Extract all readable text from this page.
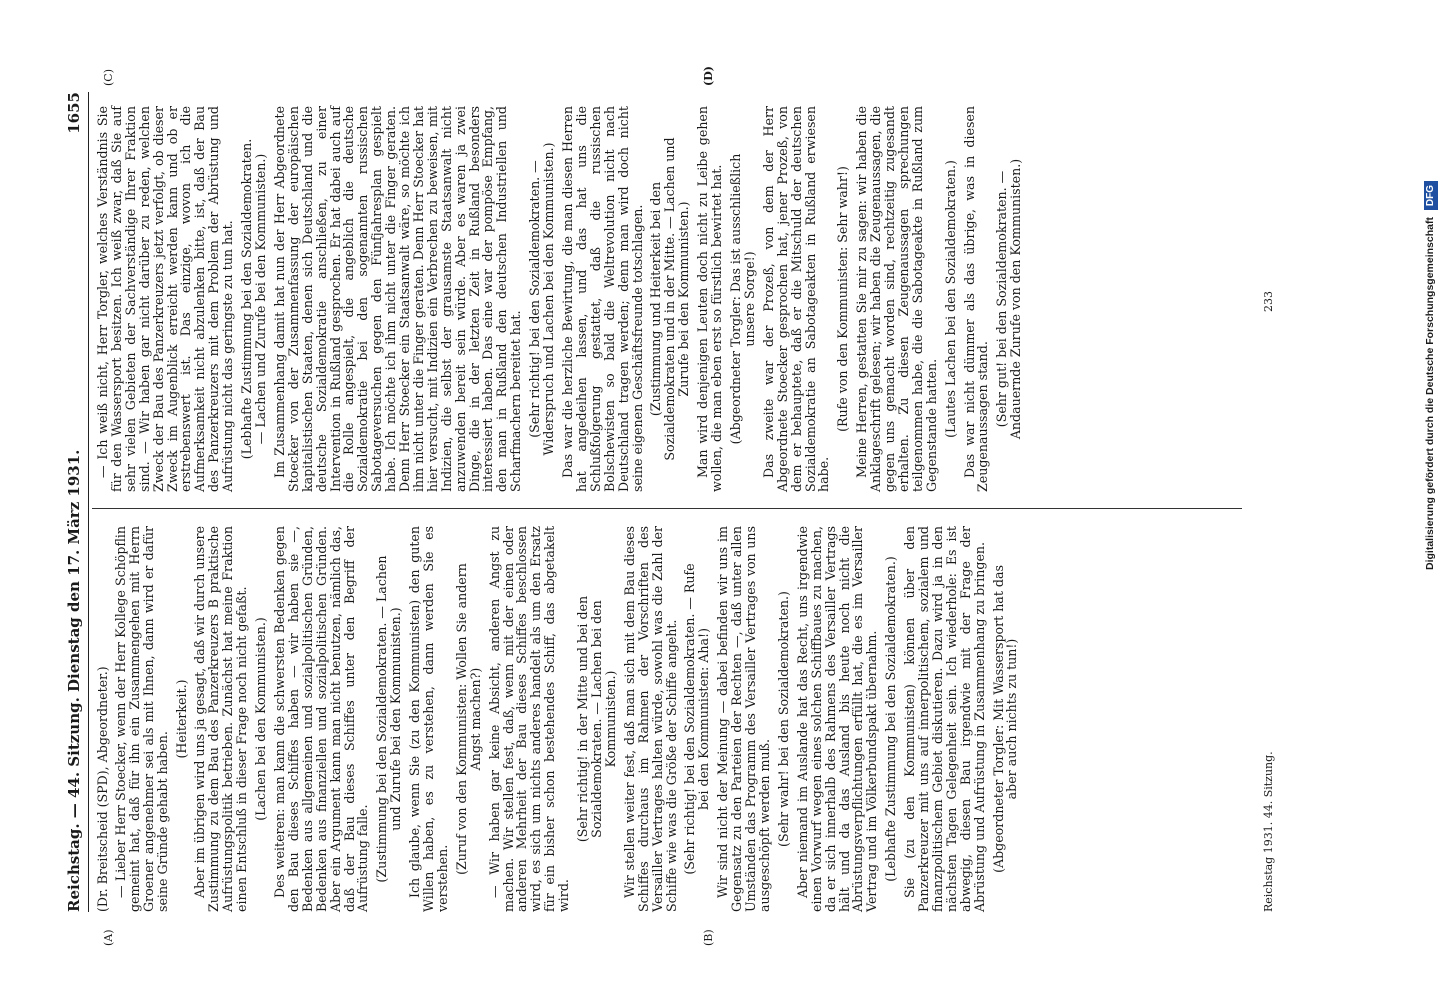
Reichstag. — 44. Sitzung. Dienstag den 17. März 1931.
1655
(A)	(B)
(C)	(D)

(Dr. Breitscheid (SPD), Abgeordneter.) — Lieber Herr Stoecker, wenn der Herr Kollege Schöpflin gemeint hat, daß für ihn ein Zusammengehen mit Herrn Groener angenehmer sei als mit Ihnen, dann wird er dafür seine Gründe gehabt haben.

(Heiterkeit.) Aber im übrigen wird uns ja gesagt, daß wir durch unsere Zustimmung zu dem Bau des Panzerkreuzers B praktische Aufrüstungspolitik betrieben. Zunächst hat meine Fraktion einen Entschluß in dieser Frage noch nicht gefaßt. (Lachen bei den Kommunisten.) Des weiteren: man kann die schwersten Bedenken gegen den Bau dieses Schiffes haben — wir haben sie —, Bedenken aus allgemeinen und sozialpolitischen Gründen, Bedenken aus finanziellen und sozialpolitischen Gründen. Aber ein Argument kann man nicht benutzen, nämlich das, daß der Bau dieses Schiffes unter den Begriff der Aufrüstung falle. (Zustimmung bei den Sozialdemokraten. — Lachen und Zurufe bei den Kommunisten.) Ich glaube, wenn Sie (zu den Kommunisten) den guten Willen haben, es zu verstehen, dann werden Sie es verstehen.

(Zuruf von den Kommunisten: Wollen Sie andern Angst machen?) — Wir haben gar keine Absicht, anderen Angst zu machen. Wir stellen fest, daß, wenn mit der einen oder anderen Mehrheit der Bau dieses Schiffes beschlossen wird, es sich um nichts anderes handelt als um den Ersatz für ein bisher schon bestehendes Schiff, das abgetakelt wird.

(Sehr richtig! in der Mitte und bei den Sozialdemokraten. — Lachen bei den Kommunisten.) Wir stellen weiter fest, daß man sich mit dem Bau dieses Schiffes durchaus im Rahmen der Vorschriften des Versailler Vertrages halten würde, sowohl was die Zahl der Schiffe wie was die Größe der Schiffe angeht. (Sehr richtig! bei den Sozialdemokraten. — Rufe bei den Kommunisten: Aha!) Wir sind nicht der Meinung — dabei befinden wir uns im Gegensatz zu den Parteien der Rechten —, daß unter allen Umständen das Programm des Versailler Vertrages von uns ausgeschöpft werden muß. (Sehr wahr! bei den Sozialdemokraten.) Aber niemand im Auslande hat das Recht, uns irgendwie einen Vorwurf wegen eines solchen Schiffbaues zu machen, da er sich innerhalb des Rahmens des Versailler Vertrags hält und da das Ausland bis heute noch nicht die Abrüstungsverpflichtungen erfüllt hat, die es im Versailler Vertrag und im Völkerbundspakt übernahm. (Lebhafte Zustimmung bei den Sozialdemokraten.) Sie (zu den Kommunisten) können über den Panzerkreuzer mit uns auf innerpolitischem, sozialem und finanzpolitischem Gebiet diskutieren. Dazu wird ja in den nächsten Tagen Gelegenheit sein. Ich wiederhole: Es ist abwegig, diesen Bau irgendwie mit der Frage der Abrüstung und Aufrüstung in Zusammenhang zu bringen. (Abgeordneter Torgler: Mit Wassersport hat das aber auch nichts zu tun!)

— Ich weiß nicht, Herr Torgler, welches Verständnis Sie für den Wassersport besitzen. Ich weiß zwar, daß Sie auf sehr vielen Gebieten der Sachverständige Ihrer Fraktion sind. — Wir haben gar nicht darüber zu reden, welchen Zweck der Bau des Panzerkreuzers jetzt verfolgt, ob dieser Zweck im Augenblick erreicht werden kann und ob er erstrebenswert ist. Das einzige, wovon ich die Aufmerksamkeit nicht abzulenken bitte, ist, daß der Bau des Panzerkreuzers mit dem Problem der Abrüstung und Aufrüstung nicht das geringste zu tun hat. (Lebhafte Zustimmung bei den Sozialdemokraten. — Lachen und Zurufe bei den Kommunisten.) Im Zusammenhang damit hat nun der Herr Abgeordnete Stoecker von der Zusammenfassung der europäischen kapitalistischen Staaten, denen sich Deutschland und die deutsche Sozialdemokratie anschließen, zu einer Intervention in Rußland gesprochen. Er hat dabei auch auf die Rolle angespielt, die angeblich die deutsche Sozialdemokratie bei den sogenannten russischen Sabotageversuchen gegen den Fünfjahresplan gespielt habe. Ich möchte ich ihm nicht unter die Finger geraten. Denn Herr Stoecker ein Staatsanwalt wäre, so möchte ich ihm nicht unter die Finger geraten. Denn Herr Stoecker hat hier versucht, mit Indizien ein Verbrechen zu beweisen, mit Indizien, die selbst der grausamste Staatsanwalt nicht anzuwenden bereit sein würde. Aber es waren ja zwei Dinge, die in der letzten Zeit in Rußland besonders interessiert haben. Das eine war der pompöse Empfang, den man in Rußland den deutschen Industriellen und Scharfmachern bereitet hat. (Sehr richtig! bei den Sozialdemokraten. — Widerspruch und Lachen bei den Kommunisten.) Das war die herzliche Bewirtung, die man diesen Herren hat angedeihen lassen, und das hat uns die Schlußfolgerung gestattet, daß die russischen Bolschewisten so bald die Weltrevolution nicht nach Deutschland tragen werden; denn man wird doch nicht seine eigenen Geschäftsfreunde totschlagen. (Zustimmung und Heiterkeit bei den Sozialdemokraten und in der Mitte. — Lachen und Zurufe bei den Kommunisten.) Man wird denjenigen Leuten doch nicht zu Leibe gehen wollen, die man eben erst so fürstlich bewirtet hat. (Abgeordneter Torgler: Das ist ausschließlich unsere Sorge!) Das zweite war der Prozeß, von dem der Herr Abgeordnete Stoecker gesprochen hat, jener Prozeß, von dem er behauptete, daß er die Mitschuld der deutschen Sozialdemokratie an Sabotageakten in Rußland erwiesen habe.

(Rufe von den Kommunisten: Sehr wahr!) Meine Herren, gestatten Sie mir zu sagen: wir haben die Anklageschrift gelesen; wir haben die Zeugenaussagen, die gegen uns gemacht worden sind, rechtzeitig zugesandt erhalten. Zu diesen Zeugenaussagen sprechungen teilgenommen habe, die die Sabotageakte in Rußland zum Gegenstande hatten. (Lautes Lachen bei den Sozialdemokraten.) Das war nicht dümmer als das übrige, was in diesen Zeugenaussagen stand. (Sehr gut! bei den Sozialdemokraten. — Andauernde Zurufe von den Kommunisten.)

Reichstag 1931. 44. Sitzung.
233	Digitalisierung gefördert durch die Deutsche Forschungsgemeinschaft DFG
